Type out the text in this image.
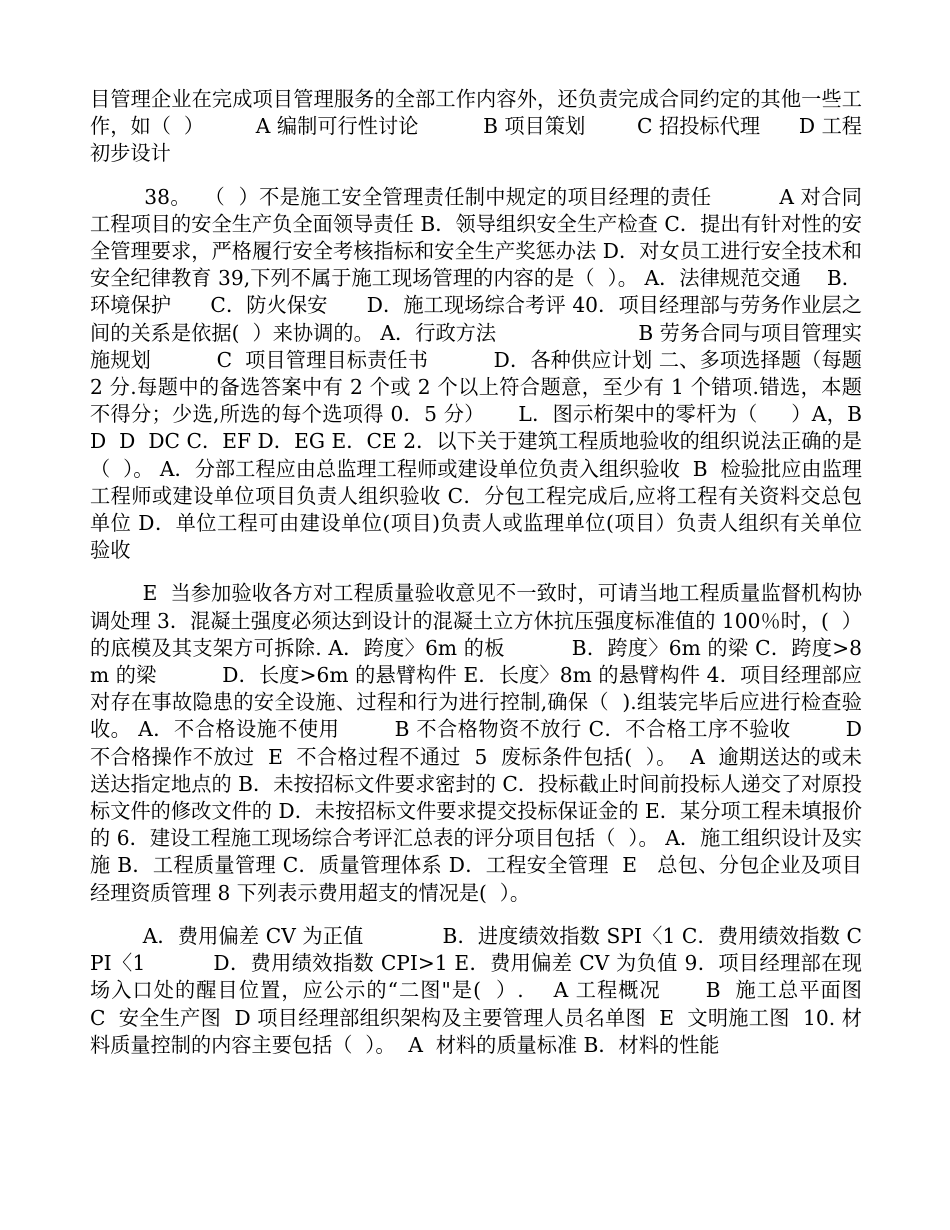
目管理企业在完成项目管理服务的全部工作内容外，还负责完成合同约定的其他一些工作，如（  ）        A 编制可行性讨论          B 项目策划        C 招投标代理      D 工程初步设计

38。  （  ）不是施工安全管理责任制中规定的项目经理的责任          A 对合同工程项目的安全生产负全面领导责任 B．领导组织安全生产检查 C．提出有针对性的安全管理要求，严格履行安全考核指标和安全生产奖惩办法 D．对女员工进行安全技术和安全纪律教育 39,下列不属于施工现场管理的内容的是（  ）。 A．法律规范交通    B．环境保护      C．防火保安      D．施工现场综合考评 40．项目经理部与劳务作业层之间的关系是依据(  ）来协调的。 A．行政方法                      B 劳务合同与项目管理实施规划          C  项目管理目标责任书          D．各种供应计划 二、多项选择题（每题 2 分.每题中的备选答案中有 2 个或 2 个以上符合题意，至少有 1 个错项.错选，本题不得分；少选,所选的每个选项得 0．5 分）     L．图示桁架中的零杆为（     ）A，BD  D  DC C．EF D．EG E．CE 2．以下关于建筑工程质地验收的组织说法正确的是（  ）。 A．分部工程应由总监理工程师或建设单位负责入组织验收  B  检验批应由监理工程师或建设单位项目负责人组织验收 C．分包工程完成后,应将工程有关资料交总包单位 D．单位工程可由建设单位(项目)负责人或监理单位(项目）负责人组织有关单位验收

E  当参加验收各方对工程质量验收意见不一致时，可请当地工程质量监督机构协调处理 3．混凝土强度必须达到设计的混凝土立方休抗压强度标准值的 100％时，(  ）的底模及其支架方可拆除. A．跨度〉6m 的板          B．跨度〉6m 的梁 C．跨度>8m 的梁          D．长度>6m 的悬臂构件 E．长度〉8m 的悬臂构件 4．项目经理部应对存在事故隐患的安全设施、过程和行为进行控制,确保（  ).组装完毕后应进行检查验收。 A．不合格设施不使用        B 不合格物资不放行 C．不合格工序不验收        D 不合格操作不放过  E  不合格过程不通过  5  废标条件包括(  ）。  A  逾期送达的或未送达指定地点的 B．未按招标文件要求密封的 C．投标截止时间前投标人递交了对原投标文件的修改文件的 D．未按招标文件要求提交投标保证金的 E．某分项工程未填报价的 6．建设工程施工现场综合考评汇总表的评分项目包括（  ）。 A．施工组织设计及实施 B．工程质量管理 C．质量管理体系 D．工程安全管理  E   总包、分包企业及项目经理资质管理 8 下列表示费用超支的情况是(  ）。

A．费用偏差 CV 为正值            B．进度绩效指数 SPI〈1 C．费用绩效指数 CPI〈1          D．费用绩效指数 CPI>1 E．费用偏差 CV 为负值 9．项目经理部在现场入口处的醒目位置，应公示的“二图"是(  ）.    A 工程概况      B  施工总平面图        C  安全生产图  D 项目经理部组织架构及主要管理人员名单图  E  文明施工图  10. 材料质量控制的内容主要包括（  ）。  A  材料的质量标准 B．材料的性能
